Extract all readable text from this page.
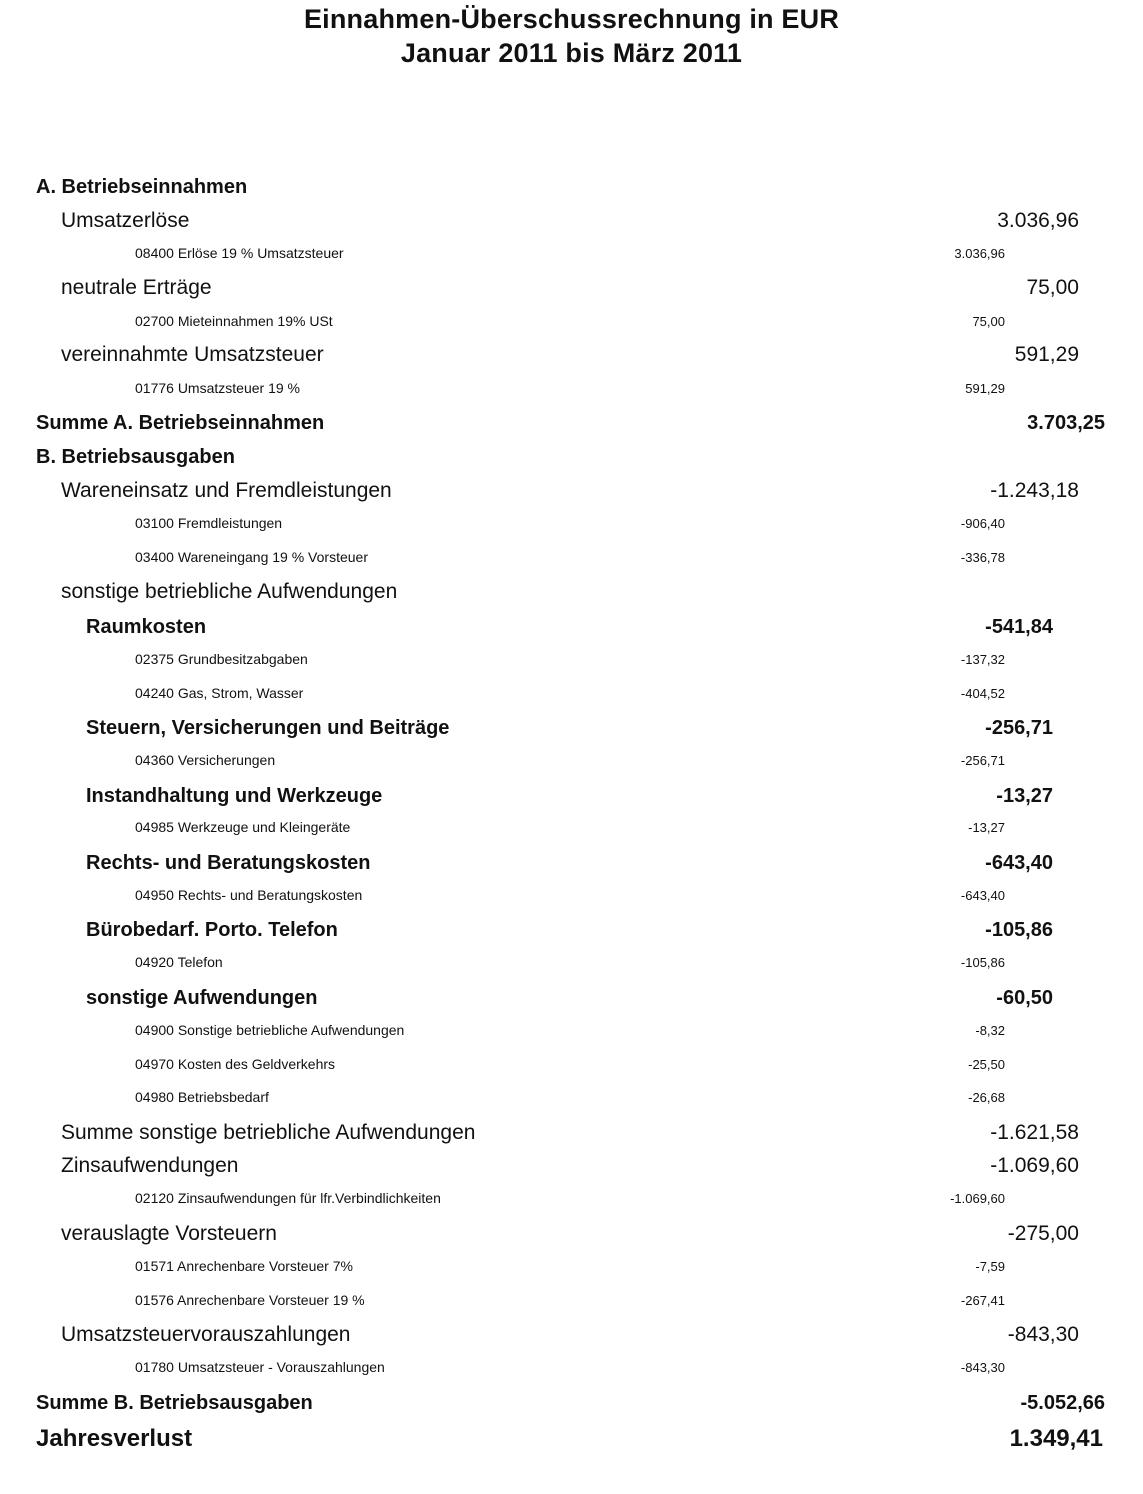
Einnahmen-Überschussrechnung in EUR
Januar 2011 bis März 2011
A. Betriebseinnahmen
Umsatzerlöse	3.036,96
08400 Erlöse 19 % Umsatzsteuer	3.036,96
neutrale Erträge	75,00
02700 Mieteinnahmen 19% USt	75,00
vereinnahmte Umsatzsteuer	591,29
01776 Umsatzsteuer 19 %	591,29
Summe A. Betriebseinnahmen	3.703,25
B. Betriebsausgaben
Wareneinsatz und Fremdleistungen	-1.243,18
03100 Fremdleistungen	-906,40
03400 Wareneingang 19 % Vorsteuer	-336,78
sonstige betriebliche Aufwendungen
Raumkosten	-541,84
02375 Grundbesitzabgaben	-137,32
04240 Gas, Strom, Wasser	-404,52
Steuern, Versicherungen und Beiträge	-256,71
04360 Versicherungen	-256,71
Instandhaltung und Werkzeuge	-13,27
04985 Werkzeuge und Kleingeräte	-13,27
Rechts- und Beratungskosten	-643,40
04950 Rechts- und Beratungskosten	-643,40
Bürobedarf. Porto. Telefon	-105,86
04920 Telefon	-105,86
sonstige Aufwendungen	-60,50
04900 Sonstige betriebliche Aufwendungen	-8,32
04970 Kosten des Geldverkehrs	-25,50
04980 Betriebsbedarf	-26,68
Summe sonstige betriebliche Aufwendungen	-1.621,58
Zinsaufwendungen	-1.069,60
02120 Zinsaufwendungen für lfr.Verbindlichkeiten	-1.069,60
verauslagte Vorsteuern	-275,00
01571 Anrechenbare Vorsteuer 7%	-7,59
01576 Anrechenbare Vorsteuer 19 %	-267,41
Umsatzsteuervorauszahlungen	-843,30
01780 Umsatzsteuer - Vorauszahlungen	-843,30
Summe B. Betriebsausgaben	-5.052,66
Jahresverlust	1.349,41
